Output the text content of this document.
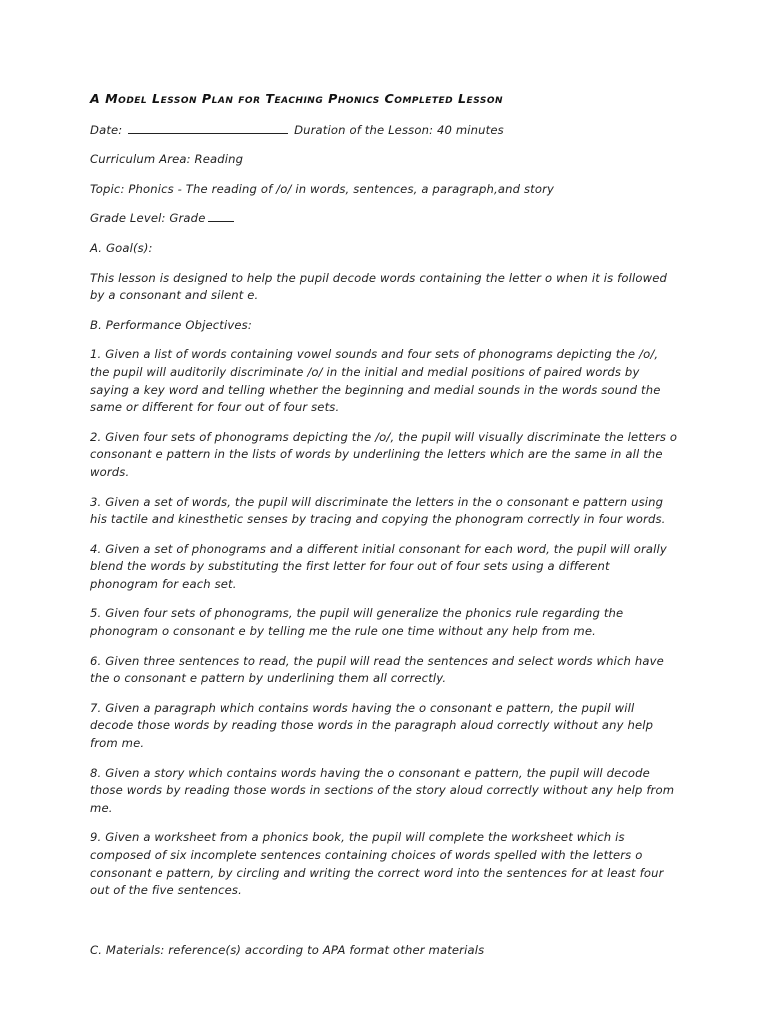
A Model Lesson Plan for Teaching Phonics Completed Lesson

Date:	Duration of the Lesson: 40 minutes

Curriculum Area: Reading

Topic: Phonics - The reading of /o/ in words, sentences, a paragraph,and story

Grade Level: Grade

A. Goal(s):

This lesson is designed to help the pupil decode words containing the letter o when it is followed by a consonant and silent e.

B. Performance Objectives:

1. Given a list of words containing vowel sounds and four sets of phonograms depicting the /o/, the pupil will auditorily discriminate /o/ in the initial and medial positions of paired words by saying a key word and telling whether the beginning and medial sounds in the words sound the same or different for four out of four sets.

2. Given four sets of phonograms depicting the /o/, the pupil will visually discriminate the letters o consonant e pattern in the lists of words by underlining the letters which are the same in all the words.

3. Given a set of words, the pupil will discriminate the letters in the o consonant e pattern using his tactile and kinesthetic senses by tracing and copying the phonogram correctly in four words.

4. Given a set of phonograms and a different initial consonant for each word, the pupil will orally blend the words by substituting the first letter for four out of four sets using a different phonogram for each set.

5. Given four sets of phonograms, the pupil will generalize the phonics rule regarding the phonogram o consonant e by telling me the rule one time without any help from me.

6. Given three sentences to read, the pupil will read the sentences and select words which have the o consonant e pattern by underlining them all correctly.

7. Given a paragraph which contains words having the o consonant e pattern, the pupil will decode those words by reading those words in the paragraph aloud correctly without any help from me.

8. Given a story which contains words having the o consonant e pattern, the pupil will decode those words by reading those words in sections of the story aloud correctly without any help from me.

9. Given a worksheet from a phonics book, the pupil will complete the worksheet which is composed of six incomplete sentences containing choices of words spelled with the letters o consonant e pattern, by circling and writing the correct word into the sentences for at least four out of the five sentences.

C. Materials: reference(s) according to APA format other materials
